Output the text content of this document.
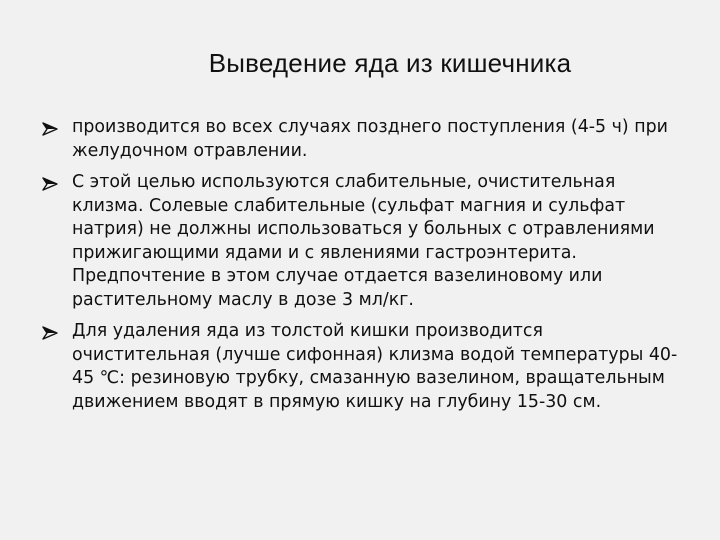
Выведение яда из кишечника
производится во всех случаях позднего поступления (4-5 ч) при желудочном отравлении.
С этой целью используются слабительные, очистительная клизма. Солевые слабительные (сульфат магния и сульфат натрия) не должны использоваться у больных с отравлениями прижигающими ядами и с явлениями гастроэнтерита. Предпочтение в этом случае отдается вазелиновому или растительному маслу в дозе 3 мл/кг.
Для удаления яда из толстой кишки производится очистительная (лучше сифонная) клизма водой температуры 40-45 ℃: резиновую трубку, смазанную вазелином, вращательным движением вводят в прямую кишку на глубину 15-30 см.
